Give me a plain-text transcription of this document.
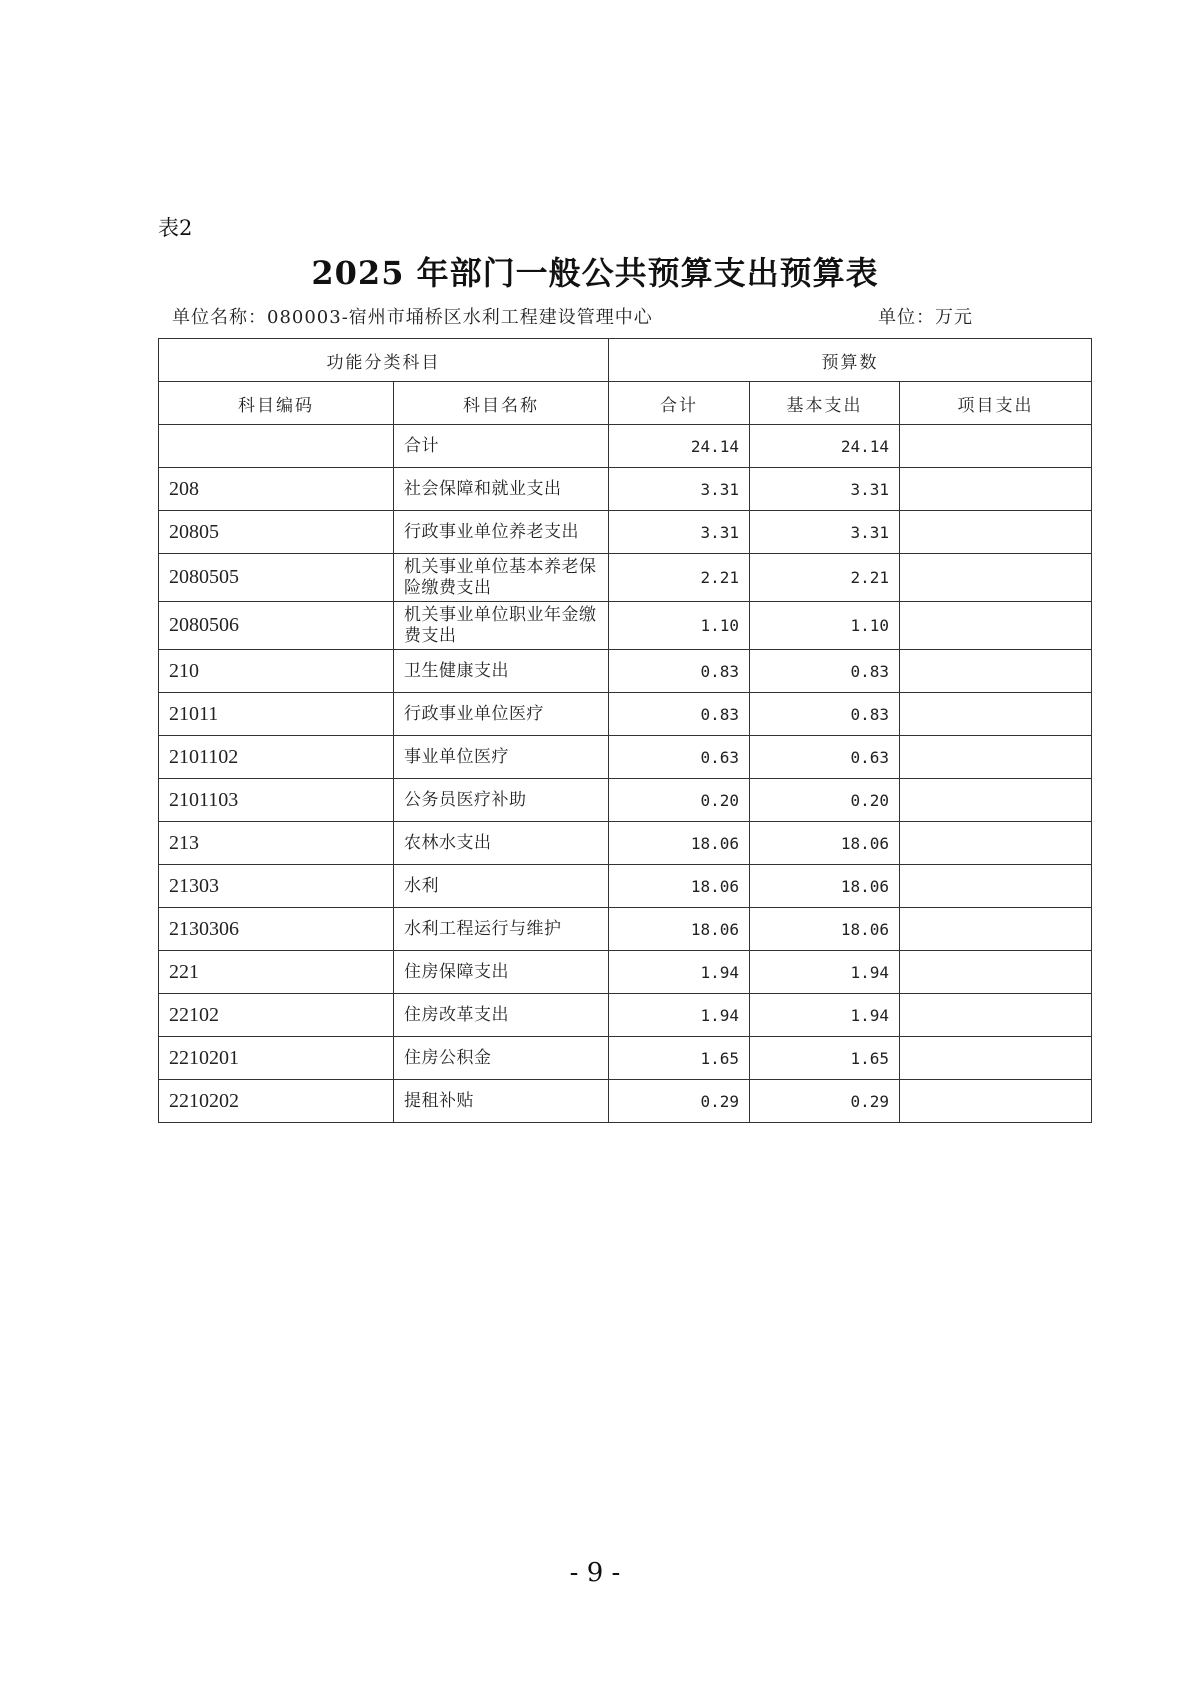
表2
2025 年部门一般公共预算支出预算表
单位名称：080003-宿州市埇桥区水利工程建设管理中心	单位：万元
功能分类科目		预算数		
科目编码	科目名称	合计	基本支出	项目支出
	合计	24.14	24.14	
208	社会保障和就业支出	3.31	3.31	
20805	行政事业单位养老支出	3.31	3.31	
2080505	机关事业单位基本养老保险缴费支出	2.21	2.21	
2080506	机关事业单位职业年金缴费支出	1.10	1.10	
210	卫生健康支出	0.83	0.83	
21011	行政事业单位医疗	0.83	0.83	
2101102	事业单位医疗	0.63	0.63	
2101103	公务员医疗补助	0.20	0.20	
213	农林水支出	18.06	18.06	
21303	水利	18.06	18.06	
2130306	水利工程运行与维护	18.06	18.06	
221	住房保障支出	1.94	1.94	
22102	住房改革支出	1.94	1.94	
2210201	住房公积金	1.65	1.65	
2210202	提租补贴	0.29	0.29	
- 9 -
